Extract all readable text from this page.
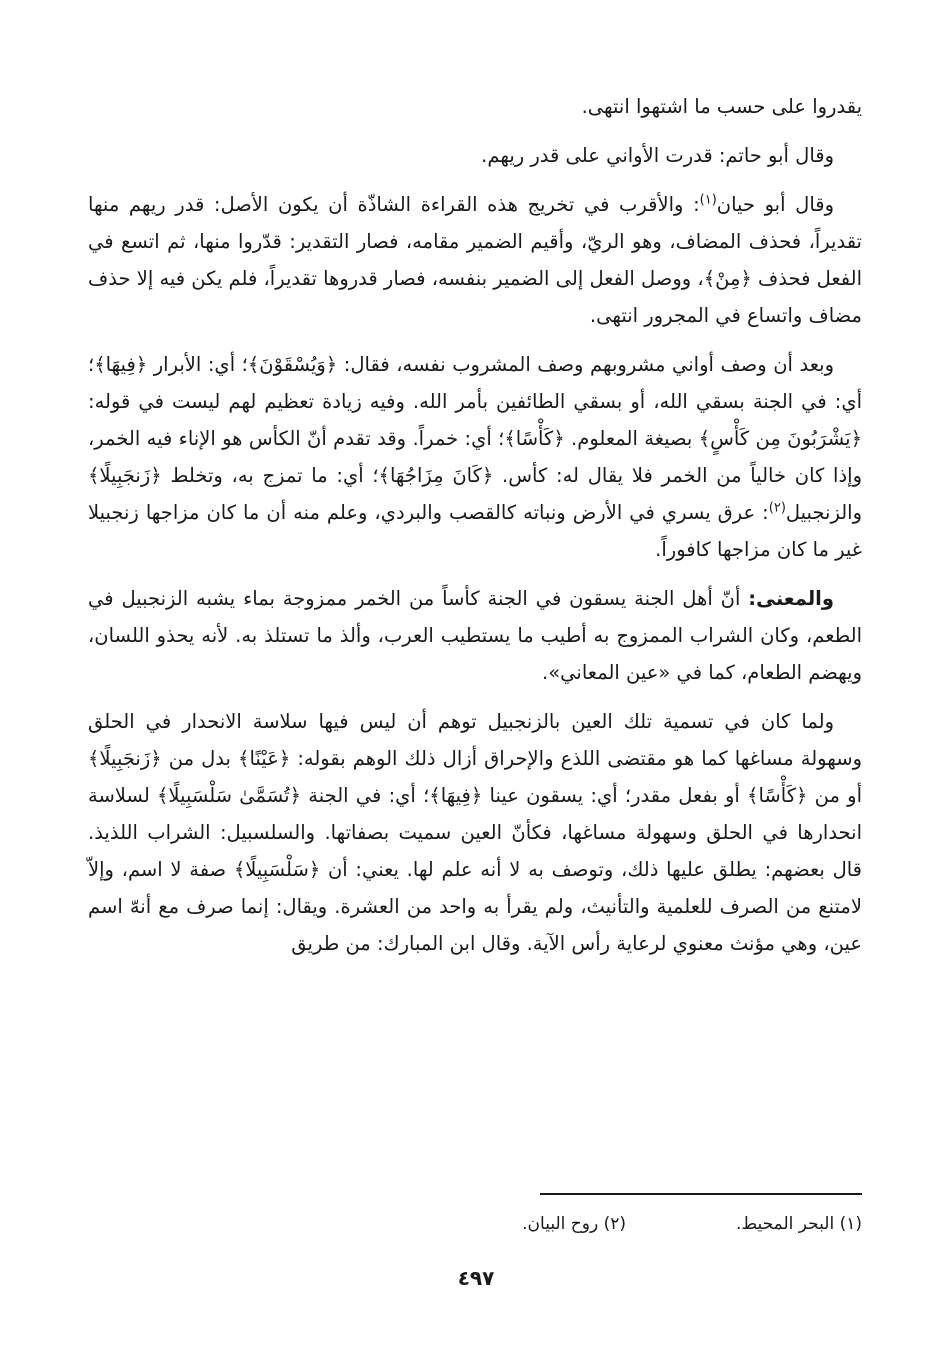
يقدروا على حسب ما اشتهوا انتهى.

وقال أبو حاتم: قدرت الأواني على قدر ريهم.

وقال أبو حيان$^{(١)}$: والأقرب في تخريج هذه القراءة الشاذّة أن يكون الأصل: قدر ريهم منها تقديراً، فحذف المضاف، وهو الريّ، وأقيم الضمير مقامه، فصار التقدير: قدّروا منها، ثم اتسع في الفعل فحذف ﴿مِنْ﴾، ووصل الفعل إلى الضمير بنفسه، فصار قدروها تقديراً، فلم يكن فيه إلا حذف مضاف واتساع في المجرور انتهى.

وبعد أن وصف أواني مشروبهم وصف المشروب نفسه، فقال: ﴿وَيُسْقَوْنَ﴾؛ أي: الأبرار ﴿فِيهَا﴾؛ أي: في الجنة بسقي الله، أو بسقي الطائفين بأمر الله. وفيه زيادة تعظيم لهم ليست في قوله: ﴿يَشْرَبُونَ مِن كَأْسٍ﴾ بصيغة المعلوم. ﴿كَأْسًا﴾؛ أي: خمراً. وقد تقدم أنّ الكأس هو الإناء فيه الخمر، وإذا كان خالياً من الخمر فلا يقال له: كأس. ﴿كَانَ مِزَاجُهَا﴾؛ أي: ما تمزج به، وتخلط ﴿زَنجَبِيلًا﴾ والزنجبيل$^{(٢)}$: عرق يسري في الأرض ونباته كالقصب والبردي، وعلم منه أن ما كان مزاجها زنجبيلا غير ما كان مزاجها كافوراً.

والمعنى: أنّ أهل الجنة يسقون في الجنة كأساً من الخمر ممزوجة بماء يشبه الزنجبيل في الطعم، وكان الشراب الممزوج به أطيب ما يستطيب العرب، وألذ ما تستلذ به. لأنه يحذو اللسان، ويهضم الطعام، كما في «عين المعاني».

ولما كان في تسمية تلك العين بالزنجبيل توهم أن ليس فيها سلاسة الانحدار في الحلق وسهولة مساغها كما هو مقتضى اللذع والإحراق أزال ذلك الوهم بقوله: ﴿عَيْنًا﴾ بدل من ﴿زَنجَبِيلًا﴾ أو من ﴿كَأْسًا﴾ أو بفعل مقدر؛ أي: يسقون عينا ﴿فِيهَا﴾؛ أي: في الجنة ﴿تُسَمَّىٰ سَلْسَبِيلًا﴾ لسلاسة انحدارها في الحلق وسهولة مساغها، فكأنّ العين سميت بصفاتها. والسلسبيل: الشراب اللذيذ. قال بعضهم: يطلق عليها ذلك، وتوصف به لا أنه علم لها. يعني: أن ﴿سَلْسَبِيلًا﴾ صفة لا اسم، وإلاّ لامتنع من الصرف للعلمية والتأنيث، ولم يقرأ به واحد من العشرة. ويقال: إنما صرف مع أنهّ اسم عين، وهي مؤنث معنوي لرعاية رأس الآية. وقال ابن المبارك: من طريق

(١) البحر المحيط.
(٢) روح البيان.
٤٩٧
